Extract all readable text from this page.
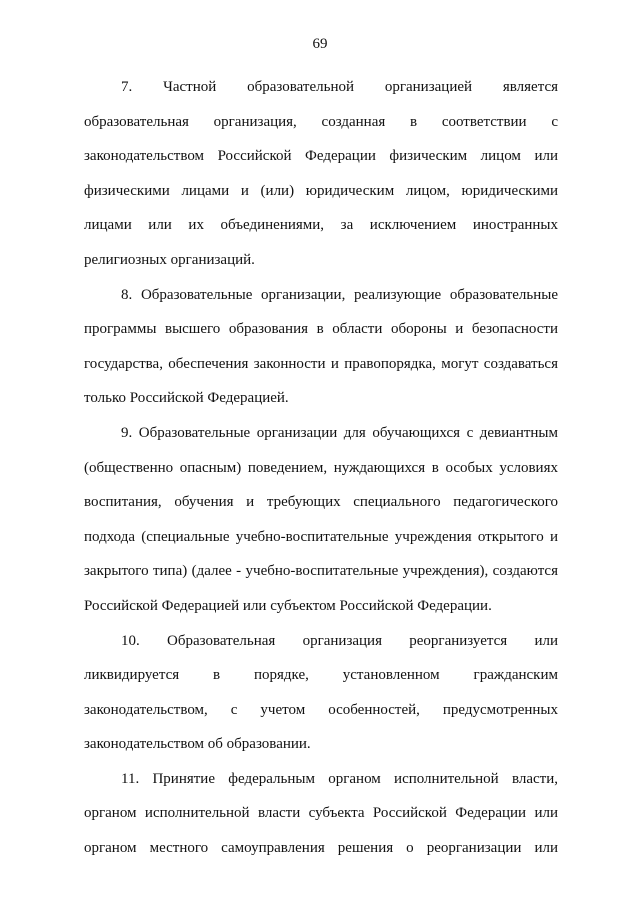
69

7. Частной образовательной организацией является образовательная организация, созданная в соответствии с законодательством Российской Федерации физическим лицом или физическими лицами и (или) юридическим лицом, юридическими лицами или их объединениями, за исключением иностранных религиозных организаций.

8. Образовательные организации, реализующие образовательные программы высшего образования в области обороны и безопасности государства, обеспечения законности и правопорядка, могут создаваться только Российской Федерацией.

9. Образовательные организации для обучающихся с девиантным (общественно опасным) поведением, нуждающихся в особых условиях воспитания, обучения и требующих специального педагогического подхода (специальные учебно-воспитательные учреждения открытого и закрытого типа) (далее - учебно-воспитательные учреждения), создаются Российской Федерацией или субъектом Российской Федерации.

10. Образовательная организация реорганизуется или ликвидируется в порядке, установленном гражданским законодательством, с учетом особенностей, предусмотренных законодательством об образовании.

11. Принятие федеральным органом исполнительной власти, органом исполнительной власти субъекта Российской Федерации или органом местного самоуправления решения о реорганизации или
